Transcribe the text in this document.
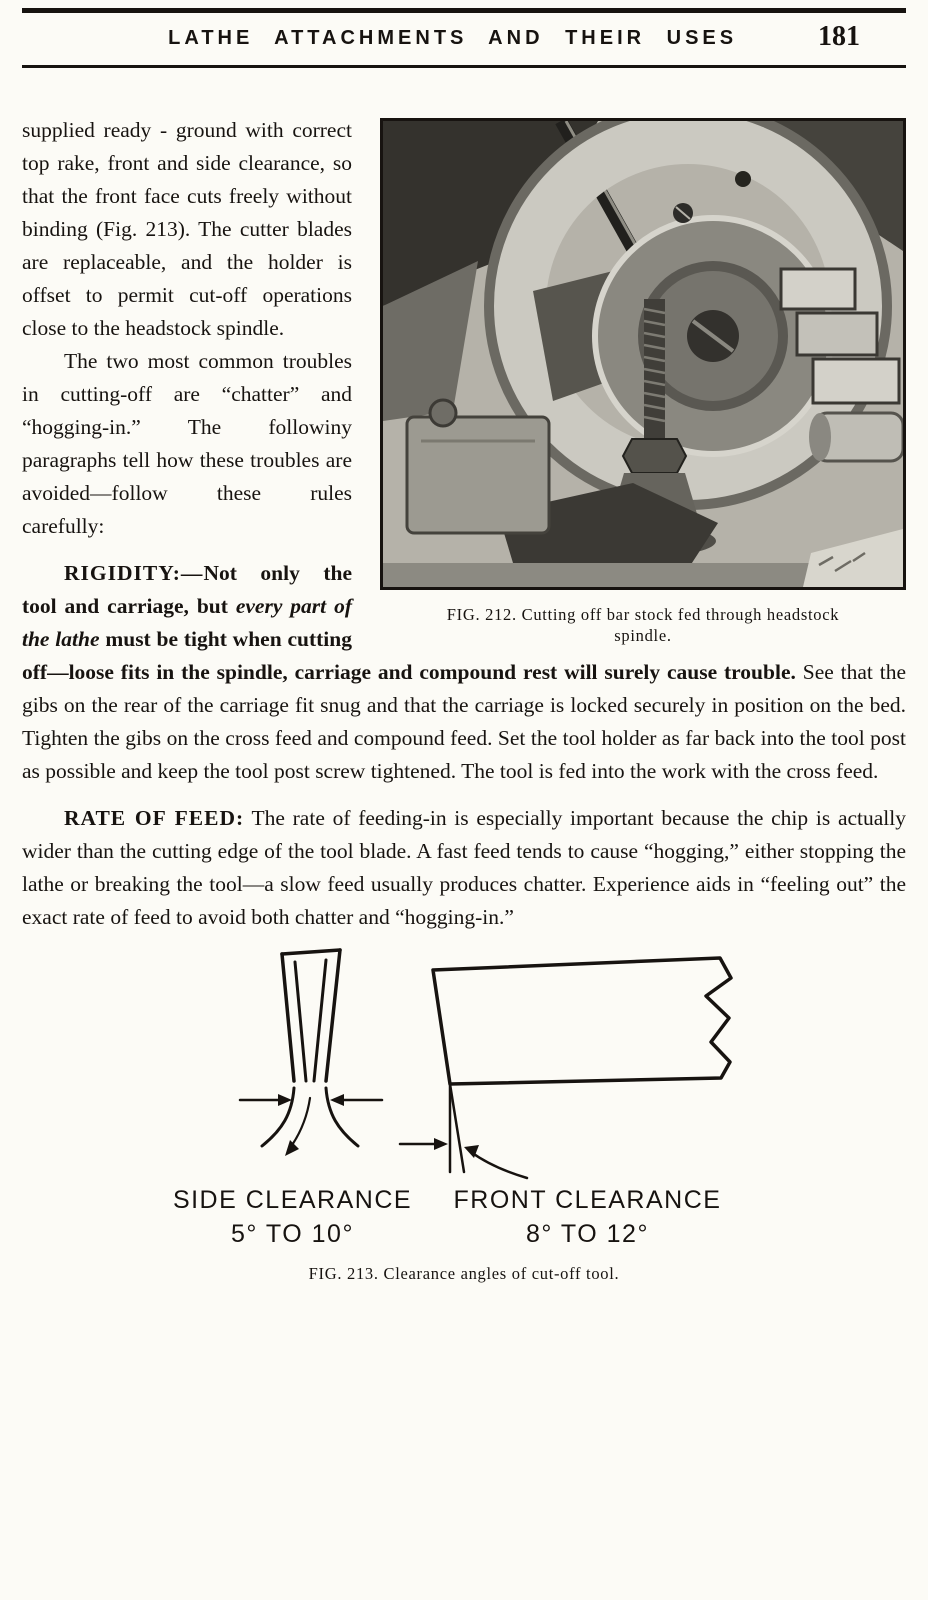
LATHE ATTACHMENTS AND THEIR USES	181
FIG. 212. Cutting off bar stock fed through headstock spindle.

supplied ready - ground with correct top rake, front and side clearance, so that the front face cuts freely without binding (Fig. 213). The cutter blades are replaceable, and the holder is offset to permit cut-off operations close to the headstock spindle.

The two most common troubles in cutting-off are “chatter” and “hogging-in.” The followiny paragraphs tell how these troubles are avoided—follow these rules carefully:

RIGIDITY:—Not only the tool and carriage, but every part of the lathe must be tight when cutting off—loose fits in the spindle, carriage and compound rest will surely cause trouble. See that the gibs on the rear of the carriage fit snug and that the carriage is locked securely in position on the bed. Tighten the gibs on the cross feed and compound feed. Set the tool holder as far back into the tool post as possible and keep the tool post screw tightened. The tool is fed into the work with the cross feed.

RATE OF FEED: The rate of feeding-in is especially important because the chip is actually wider than the cutting edge of the tool blade. A fast feed tends to cause “hogging,” either stopping the lathe or breaking the tool—a slow feed usually produces chatter. Experience aids in “feeling out” the exact rate of feed to avoid both chatter and “hogging-in.”

SIDE CLEARANCE
5° TO 10°
FRONT CLEARANCE
8° TO 12°
FIG. 213. Clearance angles of cut-off tool.
